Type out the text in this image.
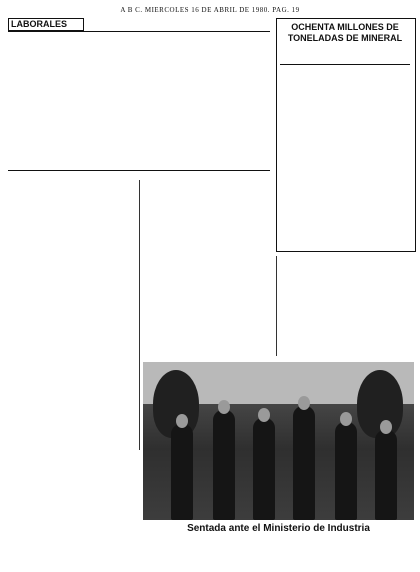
A B C. MIERCOLES 16 DE ABRIL DE 1980. PAG. 19
LABORALES	OCHENTA MILLONES DE TONELADAS DE MINERAL
Sentada ante el Ministerio de Industria
